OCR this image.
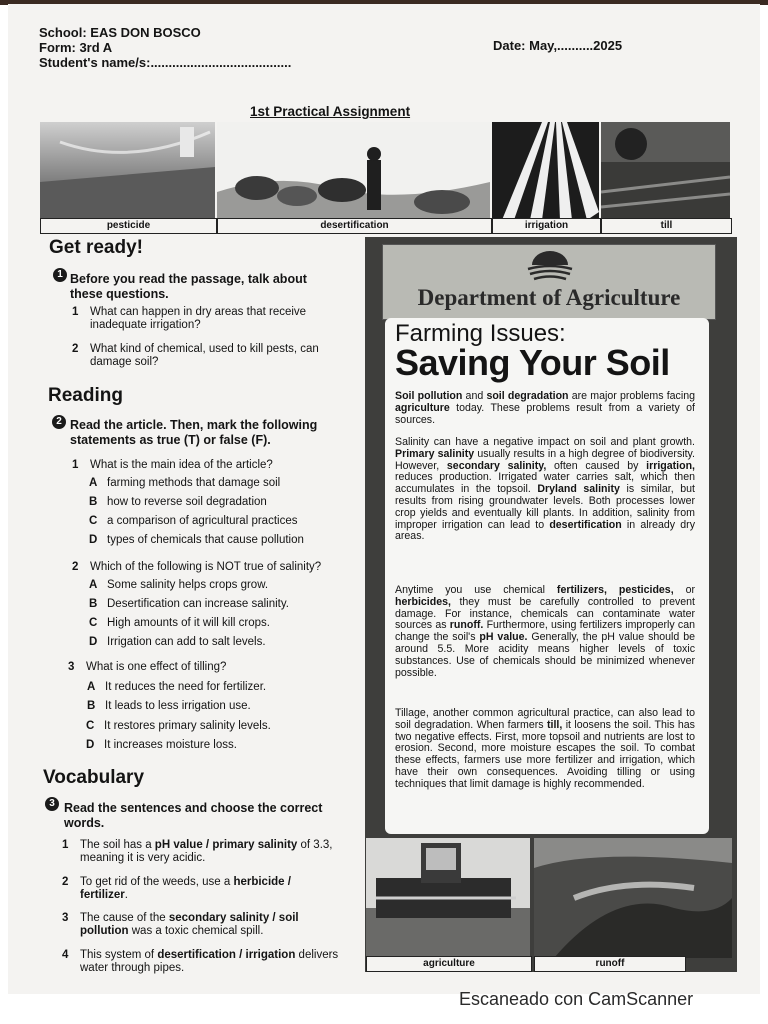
School: EAS DON BOSCO
Form: 3rd A
Student's name/s:.......................................
Date: May,..........2025
1st Practical Assignment
pesticide	desertification	irrigation	till
Get ready!
1 Before you read the passage, talk about these questions.
1 What can happen in dry areas that receive inadequate irrigation?
2 What kind of chemical, used to kill pests, can damage soil?
Reading
2 Read the article. Then, mark the following statements as true (T) or false (F).
1 What is the main idea of the article?
A farming methods that damage soil
B how to reverse soil degradation
C a comparison of agricultural practices
D types of chemicals that cause pollution
2 Which of the following is NOT true of salinity?
A Some salinity helps crops grow.
B Desertification can increase salinity.
C High amounts of it will kill crops.
D Irrigation can add to salt levels.
3 What is one effect of tilling?
A It reduces the need for fertilizer.
B It leads to less irrigation use.
C It restores primary salinity levels.
D It increases moisture loss.
Vocabulary
3 Read the sentences and choose the correct words.
1 The soil has a pH value / primary salinity of 3.3, meaning it is very acidic.
2 To get rid of the weeds, use a herbicide / fertilizer.
3 The cause of the secondary salinity / soil pollution was a toxic chemical spill.
4 This system of desertification / irrigation delivers water through pipes.
Department of Agriculture
Farming Issues:
Saving Your Soil
Soil pollution and soil degradation are major problems facing agriculture today. These problems result from a variety of sources.
Salinity can have a negative impact on soil and plant growth. Primary salinity usually results in a high degree of biodiversity. However, secondary salinity, often caused by irrigation, reduces production. Irrigated water carries salt, which then accumulates in the topsoil. Dryland salinity is similar, but results from rising groundwater levels. Both processes lower crop yields and eventually kill plants. In addition, salinity from improper irrigation can lead to desertification in already dry areas.
Anytime you use chemical fertilizers, pesticides, or herbicides, they must be carefully controlled to prevent damage. For instance, chemicals can contaminate water sources as runoff. Furthermore, using fertilizers improperly can change the soil's pH value. Generally, the pH value should be around 5.5. More acidity means higher levels of toxic substances. Use of chemicals should be minimized whenever possible.
Tillage, another common agricultural practice, can also lead to soil degradation. When farmers till, it loosens the soil. This has two negative effects. First, more topsoil and nutrients are lost to erosion. Second, more moisture escapes the soil. To combat these effects, farmers use more fertilizer and irrigation, which have their own consequences. Avoiding tilling or using techniques that limit damage is highly recommended.
agriculture	runoff
Escaneado con CamScanner
